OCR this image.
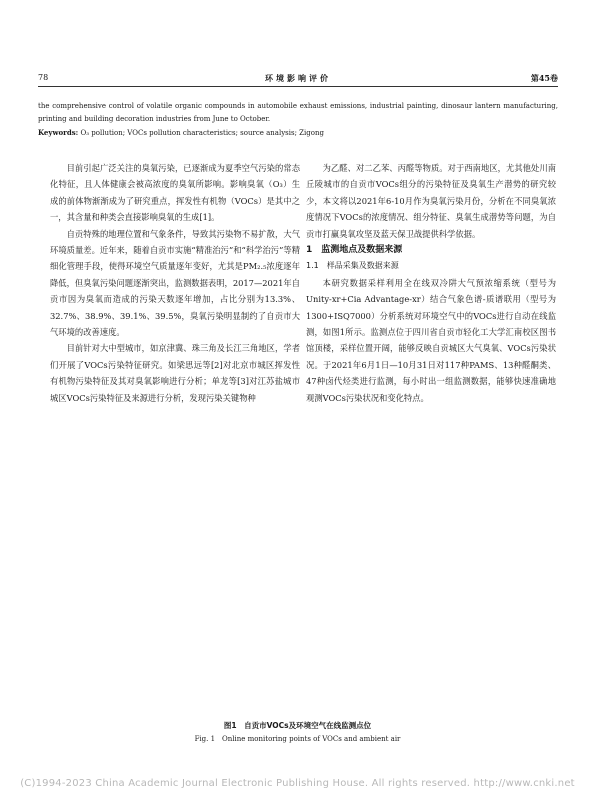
78	环境影响评价	第45卷
the comprehensive control of volatile organic compounds in automobile exhaust emissions, industrial painting, dinosaur lantern manufacturing, printing and building decoration industries from June to October.
Keywords: O₃ pollution; VOCs pollution characteristics; source analysis; Zigong

目前引起广泛关注的臭氧污染，已逐渐成为夏季空气污染的常态化特征，且人体健康会被高浓度的臭氧所影响。影响臭氧（O₃）生成的前体物渐渐成为了研究重点，挥发性有机物（VOCs）是其中之一，其含量和种类会直接影响臭氧的生成[1]。

自贡特殊的地理位置和气象条件，导致其污染物不易扩散，大气环境质量差。近年来，随着自贡市实施“精准治污”和“科学治污”等精细化管理手段，使得环境空气质量逐年变好，尤其是PM₂.₅浓度逐年降低，但臭氧污染问题逐渐突出，监测数据表明，2017—2021年自贡市因为臭氧而造成的污染天数逐年增加，占比分别为13.3%、32.7%、38.9%、39.1%、39.5%，臭氧污染明显制约了自贡市大气环境的改善速度。

目前针对大中型城市，如京津冀、珠三角及长江三角地区，学者们开展了VOCs污染特征研究。如梁思远等[2]对北京市城区挥发性有机物污染特征及其对臭氧影响进行分析；单龙等[3]对江苏盐城市城区VOCs污染特征及来源进行分析，发现污染关键物种

为乙醛、对二乙苯、丙醛等物质。对于西南地区，尤其他处川南丘陵城市的自贡市VOCs组分的污染特征及臭氧生产潜势的研究较少，本文将以2021年6-10月作为臭氧污染月份，分析在不同臭氧浓度情况下VOCs的浓度情况、组分特征、臭氧生成潜势等问题，为自贡市打赢臭氧攻坚及蓝天保卫战提供科学依据。

1　监测地点及数据来源

1.1　样品采集及数据来源

本研究数据采样利用全在线双冷阱大气预浓缩系统（型号为Unity-xr+Cia Advantage-xr）结合气象色谱-质谱联用（型号为1300+ISQ7000）分析系统对环境空气中的VOCs进行自动在线监测，如图1所示。监测点位于四川省自贡市轻化工大学汇南校区图书馆顶楼，采样位置开阔，能够反映自贡城区大气臭氧、VOCs污染状况。于2021年6月1日—10月31日对117种PAMS、13种醛酮类、47种卤代烃类进行监测，每小时出一组监测数据，能够快速准确地观测VOCs污染状况和变化特点。

图1　自贡市VOCs及环境空气在线监测点位
Fig. 1　Online monitoring points of VOCs and ambient air
(C)1994-2023 China Academic Journal Electronic Publishing House. All rights reserved. http://www.cnki.net
